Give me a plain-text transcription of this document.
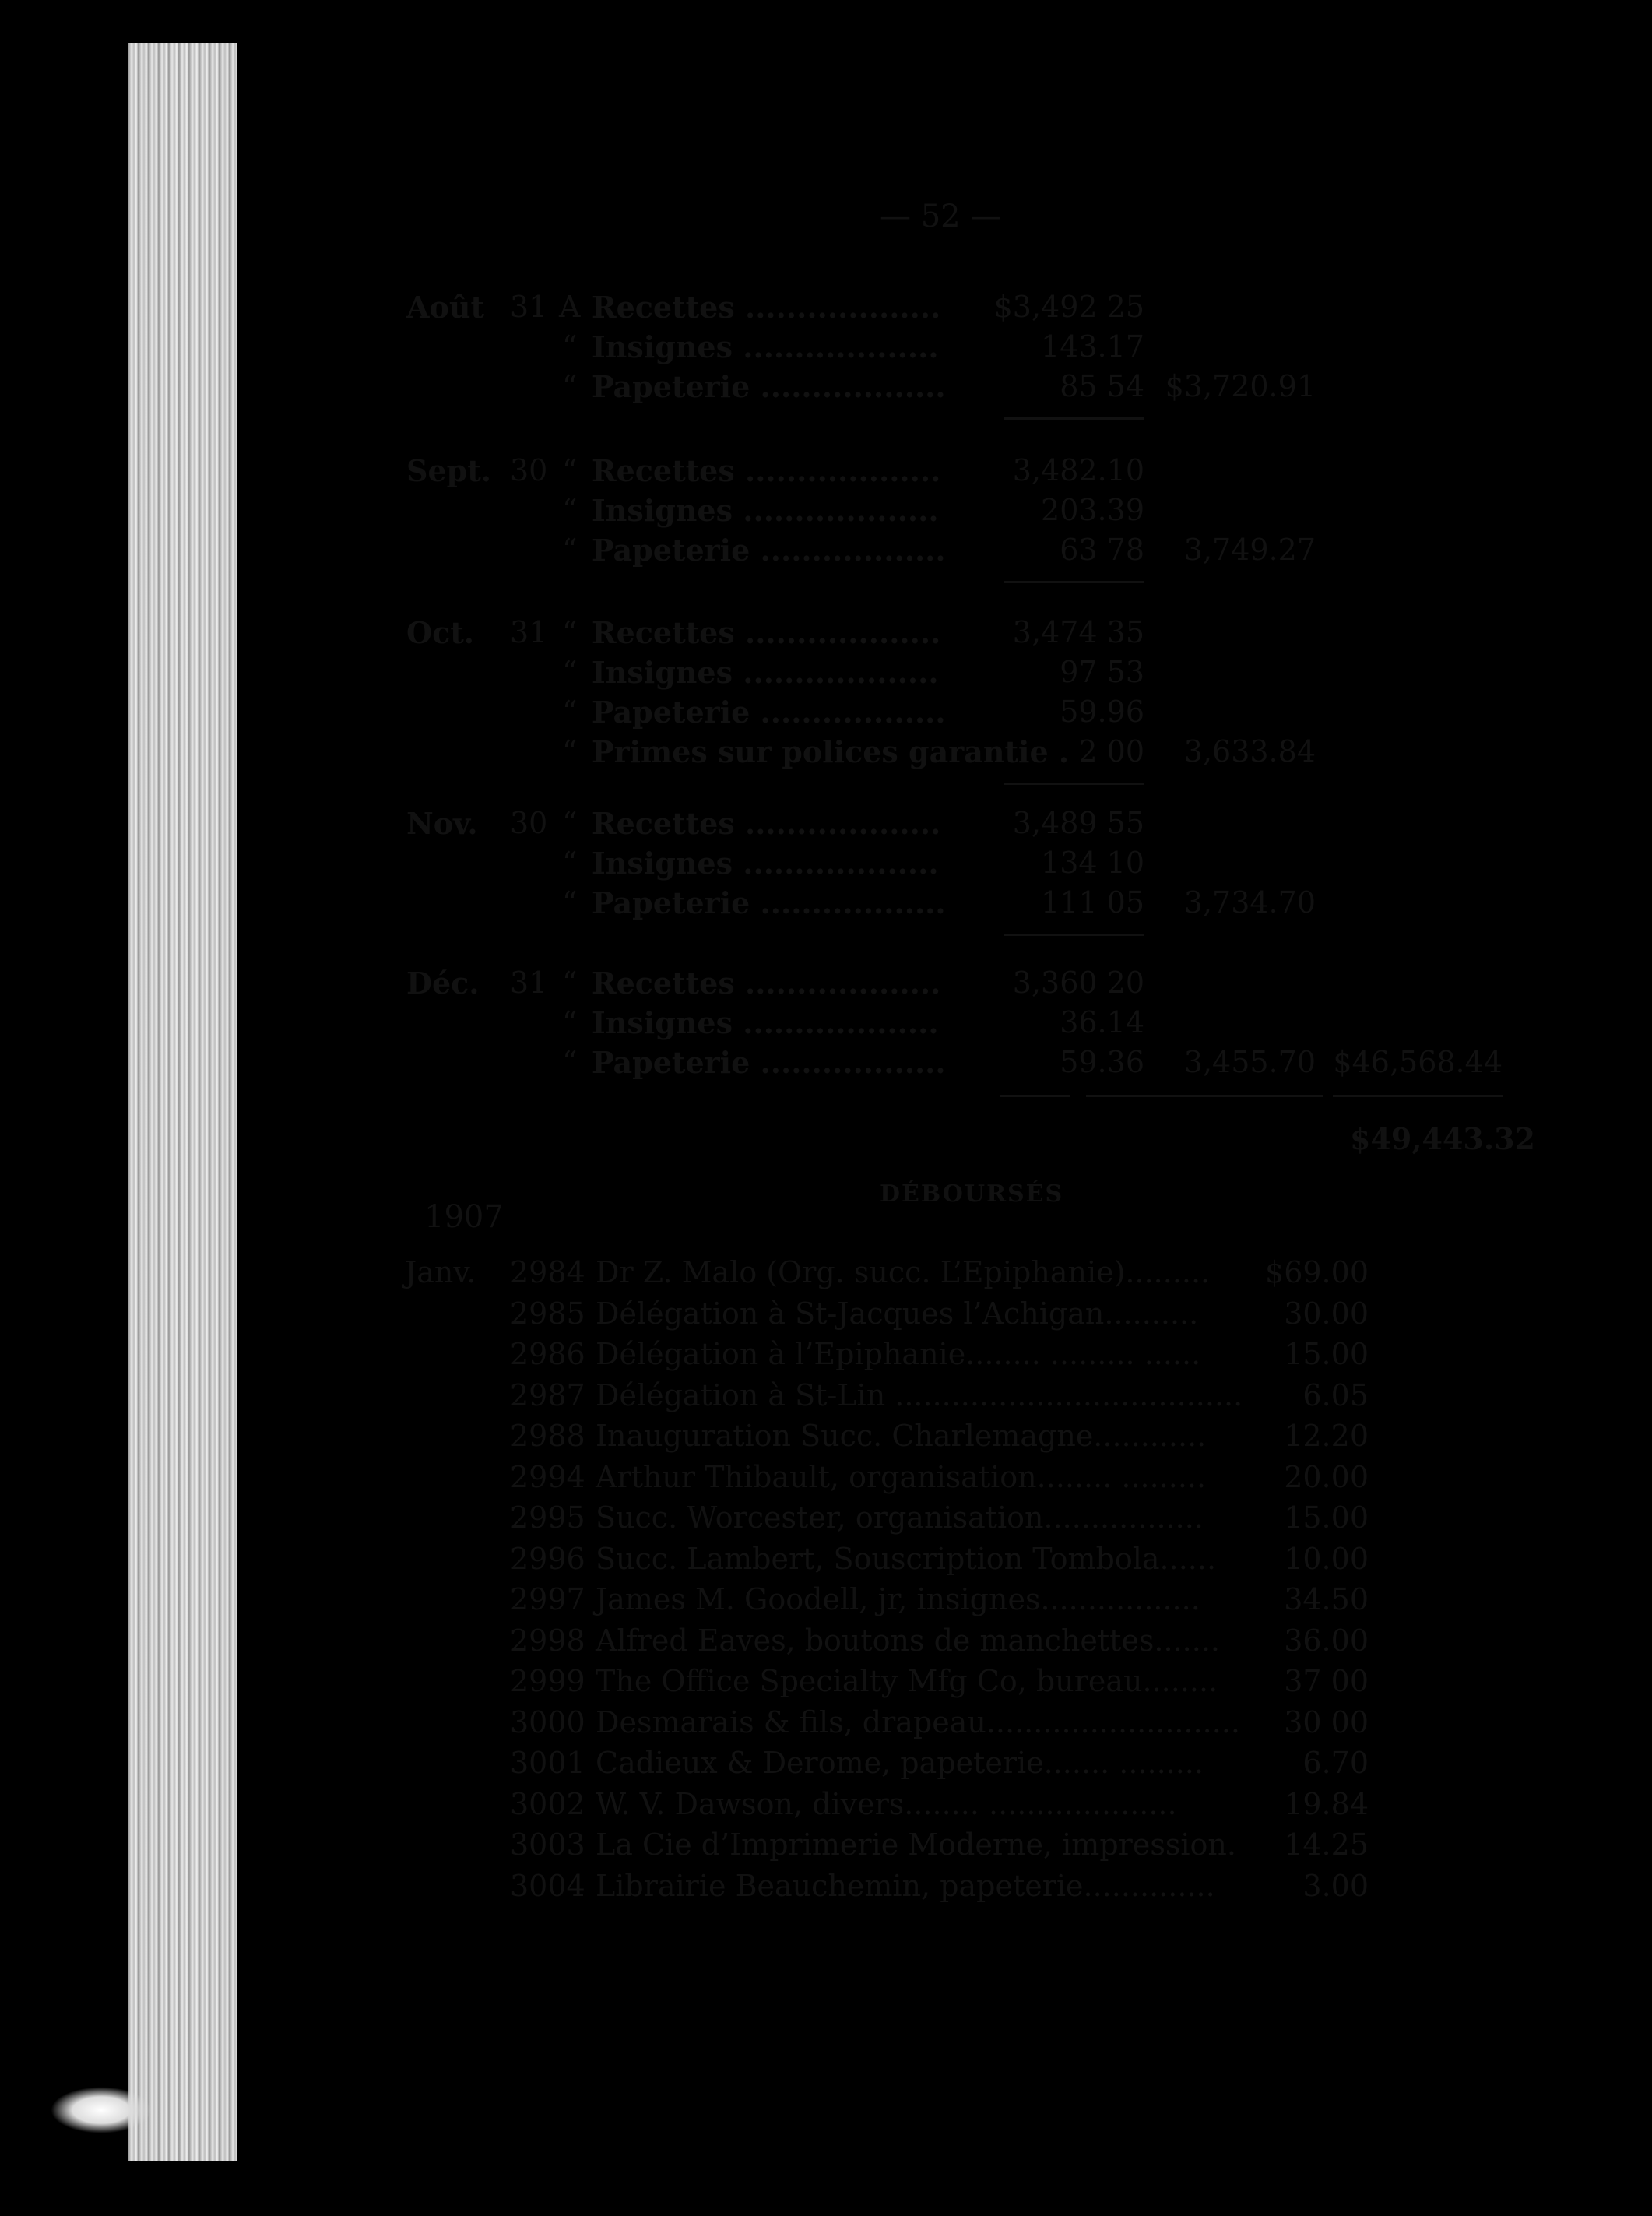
— 52 —
Août 31 A Recettes ...................	$3,492 25
“ Insignes ...................	143.17
“ Papeterie ..................	85 54 $3,720.91
Sept. 30 “ Recettes ...................	3,482.10
“ Insignes ...................	203.39
“ Papeterie ..................	63 78	3,749.27
Oct. 31 “ Recettes ...................	3,474 35
“ Insignes ...................	97 53
“ Papeterie ..................	59.96
“ Primes sur polices garantie . 2 00	3,633.84
Nov. 30 “ Recettes ...................	3,489 55
“ Insignes ...................	134 10
“ Papeterie ..................	111 05	3,734.70
Déc. 31 “ Recettes ...................	3,360 20
“ Insignes ...................	36.14
“ Papeterie ..................	59.36	3,455.70 $46,568.44
$49,443.32
DÉBOURSÉS
1907
Janv. 2984 Dr Z. Malo (Org. succ. L’Epiphanie).........	$69.00
2985 Délégation à St-Jacques l’Achigan..........	30.00
2986 Délégation à l’Epiphanie........ ......... ......	15.00
2987 Délégation à St-Lin .....................................	6.05
2988 Inauguration Succ. Charlemagne............	12.20
2994 Arthur Thibault, organisation........ .........	20.00
2995 Succ. Worcester, organisation.................	15.00
2996 Succ. Lambert, Souscription Tombola......	10.00
2997 James M. Goodell, jr, insignes.................	34.50
2998 Alfred Eaves, boutons de manchettes.......	36.00
2999 The Office Specialty Mfg Co, bureau........	37 00
3000 Desmarais & fils, drapeau...........................	30 00
3001 Cadieux & Derome, papeterie....... .........	6.70
3002 W. V. Dawson, divers........ ....................	19.84
3003 La Cie d’Imprimerie Moderne, impression.	14.25
3004 Librairie Beauchemin, papeterie..............	3.00
